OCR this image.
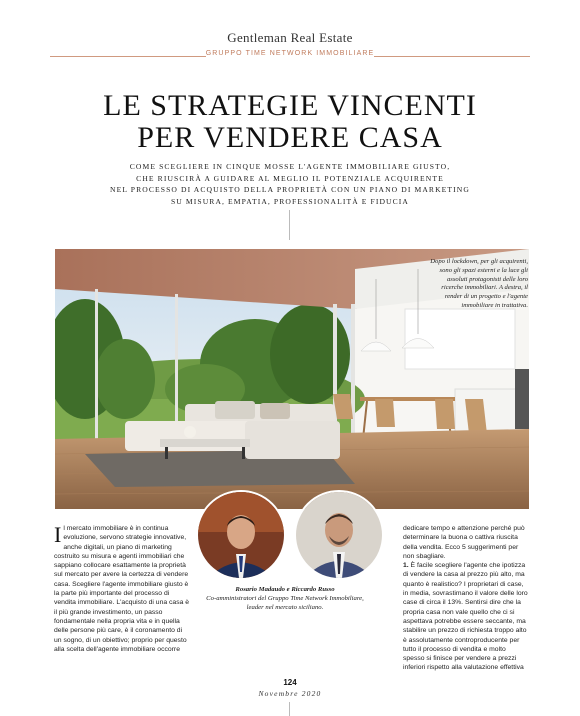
Gentleman Real Estate
GRUPPO TIME NETWORK IMMOBILIARE
LE STRATEGIE VINCENTI
PER VENDERE CASA
COME SCEGLIERE IN CINQUE MOSSE L'AGENTE IMMOBILIARE GIUSTO,
CHE RIUSCIRÀ A GUIDARE AL MEGLIO IL POTENZIALE ACQUIRENTE
NEL PROCESSO DI ACQUISTO DELLA PROPRIETÀ CON UN PIANO DI MARKETING
SU MISURA, EMPATIA, PROFESSIONALITÀ E FIDUCIA
Dopo il lockdown, per gli acquirenti, sono gli spazi esterni e la luce gli assoluti protagonisti delle loro ricerche immobiliari. A destra, il render di un progetto e l'agente immobiliare in trattativa.
Il mercato immobiliare è in continua evoluzione, servono strategie innovative, anche digitali, un piano di marketing costruito su misura e agenti immobiliari che sappiano collocare esattamente la proprietà sul mercato per avere la certezza di vendere casa. Scegliere l'agente immobiliare giusto è la parte più importante del processo di vendita immobiliare. L'acquisto di una casa è il più grande investimento, un passo fondamentale nella propria vita e in quella delle persone più care, è il coronamento di un sogno, di un obiettivo; proprio per questo alla scelta dell'agente immobiliare occorre
Rosario Madaudo e Riccardo Russo
Co-amministratori del Gruppo Time Network Immobiliare, leader nel mercato siciliano.
dedicare tempo e attenzione perché può determinare la buona o cattiva riuscita della vendita. Ecco 5 suggerimenti per non sbagliare.
1. È facile scegliere l'agente che ipotizza di vendere la casa al prezzo più alto, ma quanto è realistico? I proprietari di case, in media, sovrastimano il valore delle loro case di circa il 13%. Sentirsi dire che la propria casa non vale quello che ci si aspettava potrebbe essere seccante, ma stabilire un prezzo di richiesta troppo alto è assolutamente controproducente per tutto il processo di vendita e molto spesso si finisce per vendere a prezzi inferiori rispetto alla valutazione effettiva
124
Novembre 2020
